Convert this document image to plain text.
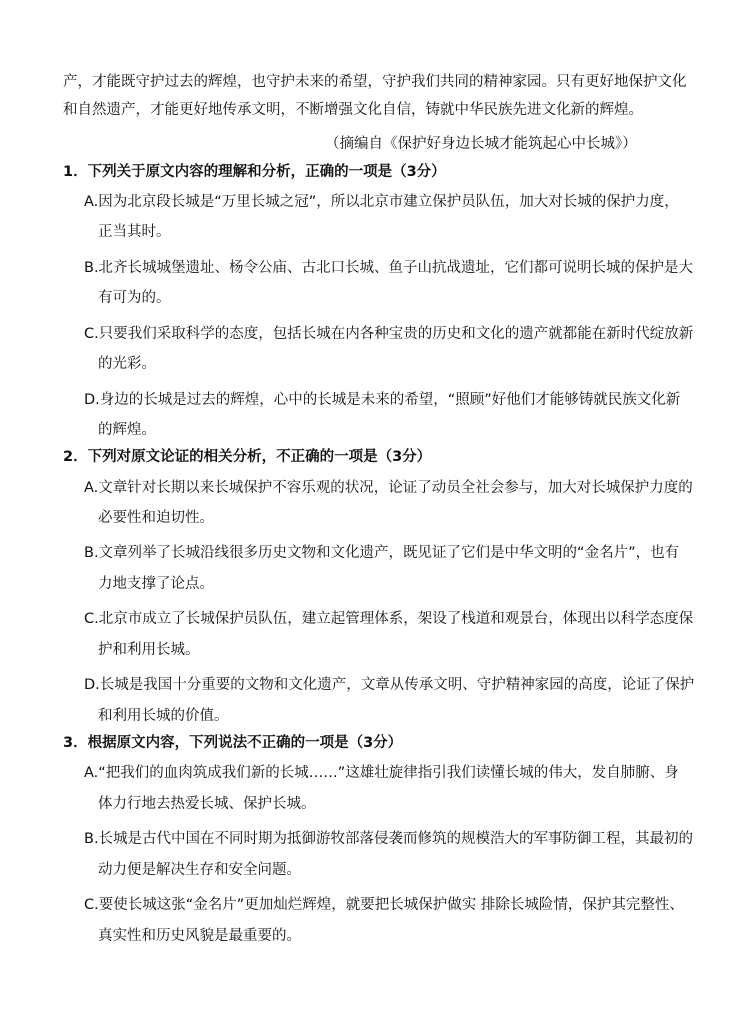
产，才能既守护过去的辉煌，也守护未来的希望，守护我们共同的精神家园。只有更好地保护文化
和自然遗产，才能更好地传承文明，不断增强文化自信，铸就中华民族先进文化新的辉煌。
（摘编自《保护好身边长城才能筑起心中长城》）
1．下列关于原文内容的理解和分析，正确的一项是（3分）
A.因为北京段长城是“万里长城之冠”，所以北京市建立保护员队伍，加大对长城的保护力度，
正当其时。
B.北齐长城城堡遗址、杨令公庙、古北口长城、鱼子山抗战遗址，它们都可说明长城的保护是大
有可为的。
C.只要我们采取科学的态度，包括长城在内各种宝贵的历史和文化的遗产就都能在新时代绽放新
的光彩。
D.身边的长城是过去的辉煌，心中的长城是未来的希望，“照顾”好他们才能够铸就民族文化新
的辉煌。
2．下列对原文论证的相关分析，不正确的一项是（3分）
A.文章针对长期以来长城保护不容乐观的状况，论证了动员全社会参与，加大对长城保护力度的
必要性和迫切性。
B.文章列举了长城沿线很多历史文物和文化遗产，既见证了它们是中华文明的“金名片”，也有
力地支撑了论点。
C.北京市成立了长城保护员队伍，建立起管理体系，架设了栈道和观景台，体现出以科学态度保
护和利用长城。
D.长城是我国十分重要的文物和文化遗产，文章从传承文明、守护精神家园的高度，论证了保护
和利用长城的价值。
3．根据原文内容，下列说法不正确的一项是（3分）
A.“把我们的血肉筑成我们新的长城……”这雄壮旋律指引我们读懂长城的伟大，发自肺腑、身
体力行地去热爱长城、保护长城。
B.长城是古代中国在不同时期为抵御游牧部落侵袭而修筑的规模浩大的军事防御工程，其最初的
动力便是解决生存和安全问题。
C.要使长城这张“金名片”更加灿烂辉煌，就要把长城保护做实 排除长城险情，保护其完整性、
真实性和历史风貌是最重要的。
